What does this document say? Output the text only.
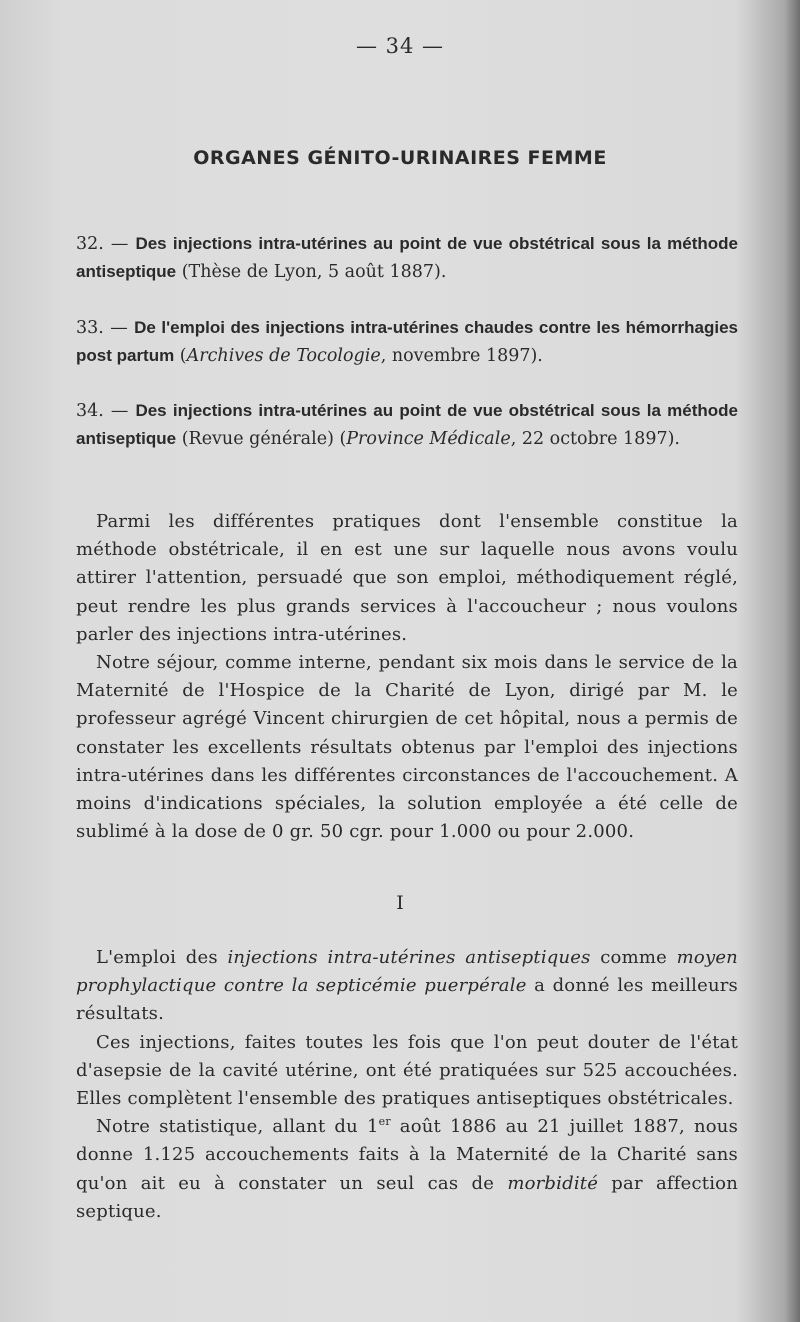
— 34 —
ORGANES GÉNITO-URINAIRES FEMME
32. — Des injections intra-utérines au point de vue obstétrical sous la méthode antiseptique (Thèse de Lyon, 5 août 1887).
33. — De l'emploi des injections intra-utérines chaudes contre les hémorrhagies post partum (Archives de Tocologie, novembre 1897).
34. — Des injections intra-utérines au point de vue obstétrical sous la méthode antiseptique (Revue générale) (Province Médicale, 22 octobre 1897).

Parmi les différentes pratiques dont l'ensemble constitue la méthode obstétricale, il en est une sur laquelle nous avons voulu attirer l'attention, persuadé que son emploi, méthodiquement réglé, peut rendre les plus grands services à l'accoucheur ; nous voulons parler des injections intra-utérines.

Notre séjour, comme interne, pendant six mois dans le service de la Maternité de l'Hospice de la Charité de Lyon, dirigé par M. le professeur agrégé Vincent chirurgien de cet hôpital, nous a permis de constater les excellents résultats obtenus par l'emploi des injections intra-utérines dans les différentes circonstances de l'accouchement. A moins d'indications spéciales, la solution employée a été celle de sublimé à la dose de 0 gr. 50 cgr. pour 1.000 ou pour 2.000.

I

L'emploi des injections intra-utérines antiseptiques comme moyen prophylactique contre la septicémie puerpérale a donné les meilleurs résultats.

Ces injections, faites toutes les fois que l'on peut douter de l'état d'asepsie de la cavité utérine, ont été pratiquées sur 525 accouchées. Elles complètent l'ensemble des pratiques antiseptiques obstétricales.

Notre statistique, allant du 1er août 1886 au 21 juillet 1887, nous donne 1.125 accouchements faits à la Maternité de la Charité sans qu'on ait eu à constater un seul cas de morbidité par affection septique.
